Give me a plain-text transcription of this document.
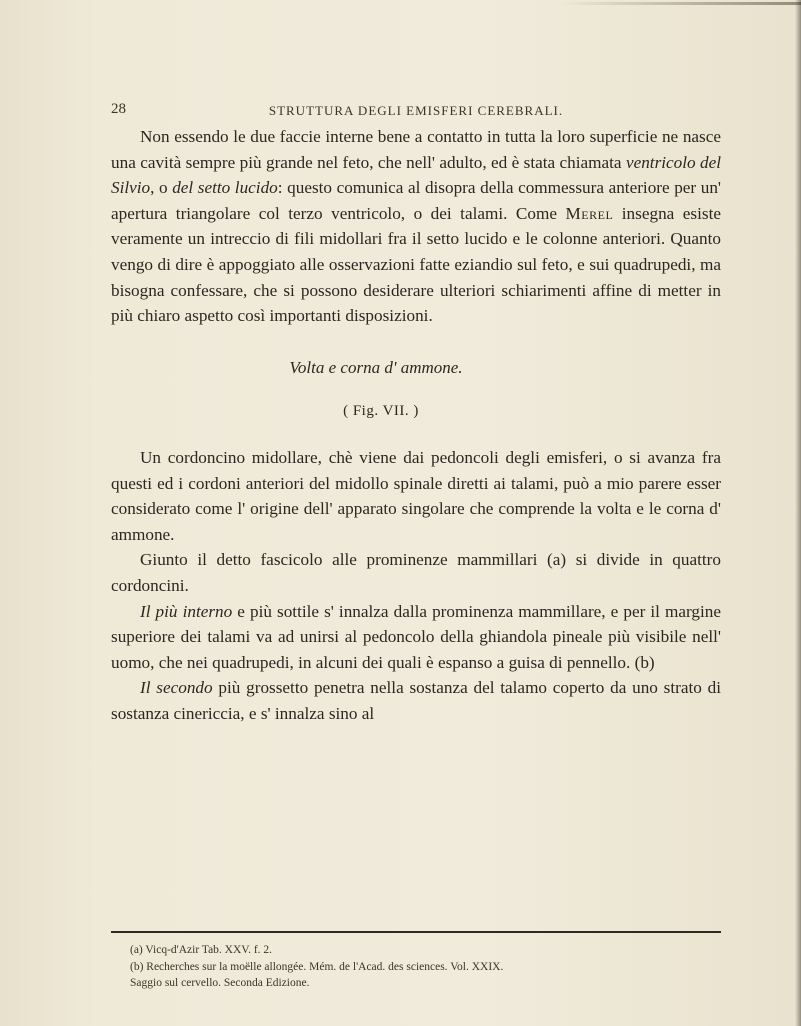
28	STRUTTURA DEGLI EMISFERI CEREBRALI.

Non essendo le due faccie interne bene a contatto in tutta la loro superficie ne nasce una cavità sempre più grande nel feto, che nell' adulto, ed è stata chiamata ventricolo del Silvio, o del setto lucido: questo comunica al disopra della commessura anteriore per un' apertura triangolare col terzo ventricolo, o dei talami. Come Merel insegna esiste veramente un intreccio di fili midollari fra il setto lucido e le colonne anteriori. Quanto vengo di dire è appoggiato alle osservazioni fatte eziandio sul feto, e sui quadrupedi, ma bisogna confessare, che si possono desiderare ulteriori schiarimenti affine di metter in più chiaro aspetto così importanti disposizioni.

Volta e corna d' ammone.
( Fig. VII. )

Un cordoncino midollare, chè viene dai pedoncoli degli emisferi, o si avanza fra questi ed i cordoni anteriori del midollo spinale diretti ai talami, può a mio parere esser considerato come l' origine dell' apparato singolare che comprende la volta e le corna d' ammone.

Giunto il detto fascicolo alle prominenze mammillari (a) si divide in quattro cordoncini.

Il più interno e più sottile s' innalza dalla prominenza mammillare, e per il margine superiore dei talami va ad unirsi al pedoncolo della ghiandola pineale più visibile nell' uomo, che nei quadrupedi, in alcuni dei quali è espanso a guisa di pennello. (b)

Il secondo più grossetto penetra nella sostanza del talamo coperto da uno strato di sostanza cinericcia, e s' innalza sino al

(a) Vicq-d'Azir Tab. XXV. f. 2.
(b) Recherches sur la moëlle allongée. Mém. de l'Acad. des sciences. Vol. XXIX.
Saggio sul cervello. Seconda Edizione.
